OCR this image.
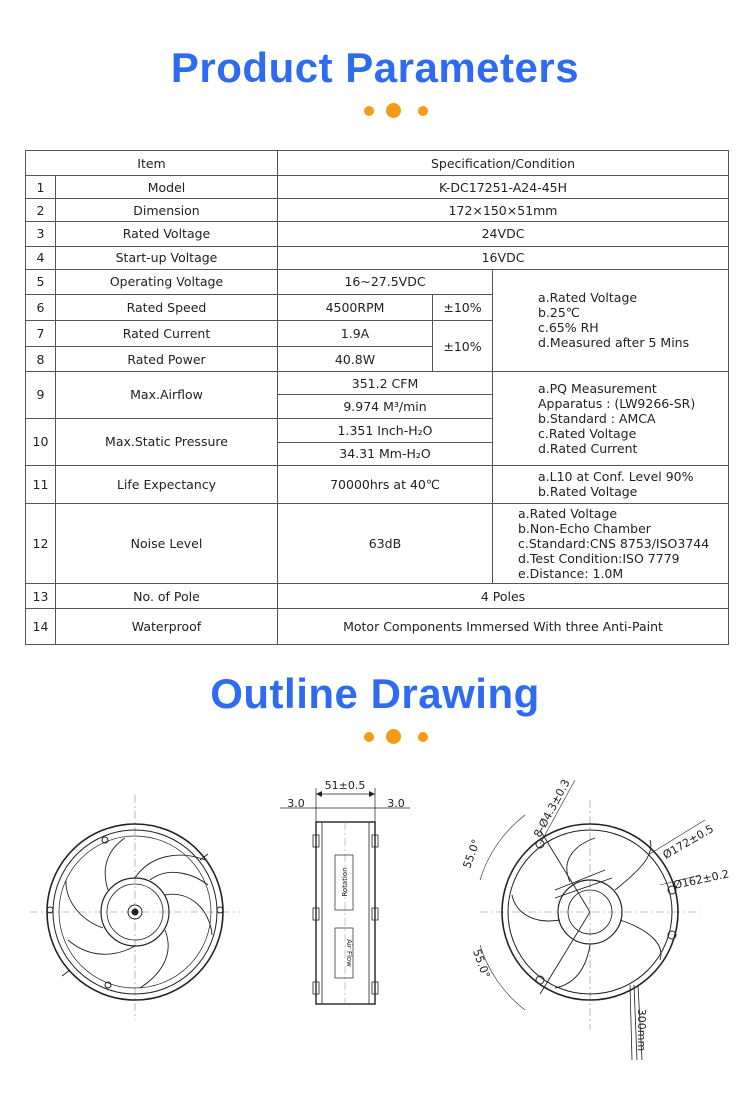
Product Parameters
Item		Specification/Condition		
1	Model	K-DC17251-A24-45H		
2	Dimension	172×150×51mm		
3	Rated Voltage	24VDC		
4	Start-up Voltage	16VDC		
5	Operating Voltage	16~27.5VDC		a.Rated Voltage
b.25℃
c.65% RH
d.Measured after 5 Mins

6	Rated Speed	4500RPM	±10%	
7	Rated Current	1.9A	±10%	
8	Rated Power	40.8W		
9	Max.Airflow	351.2 CFM		a.PQ Measurement
Apparatus : (LW9266-SR)
b.Standard : AMCA
c.Rated Voltage
d.Rated Current

		9.974 M³/min		
10	Max.Static Pressure	1.351 Inch-H₂O		
		34.31 Mm-H₂O		
11	Life Expectancy	70000hrs at 40℃		a.L10 at Conf. Level 90%
b.Rated Voltage

12	Noise Level	63dB		a.Rated Voltage
b.Non-Echo Chamber
c.Standard:CNS 8753/ISO3744
d.Test Condition:ISO 7779
e.Distance: 1.0M

13	No. of Pole	4 Poles		
14	Waterproof	Motor Components Immersed With three Anti-Paint		
Outline Drawing
51±0.5
3.0	3.0
Rotation
Air Flow
55.0°
55.0°
8-Ø4.3±0.3
Ø172±0.5
Ø162±0.2
300mm
